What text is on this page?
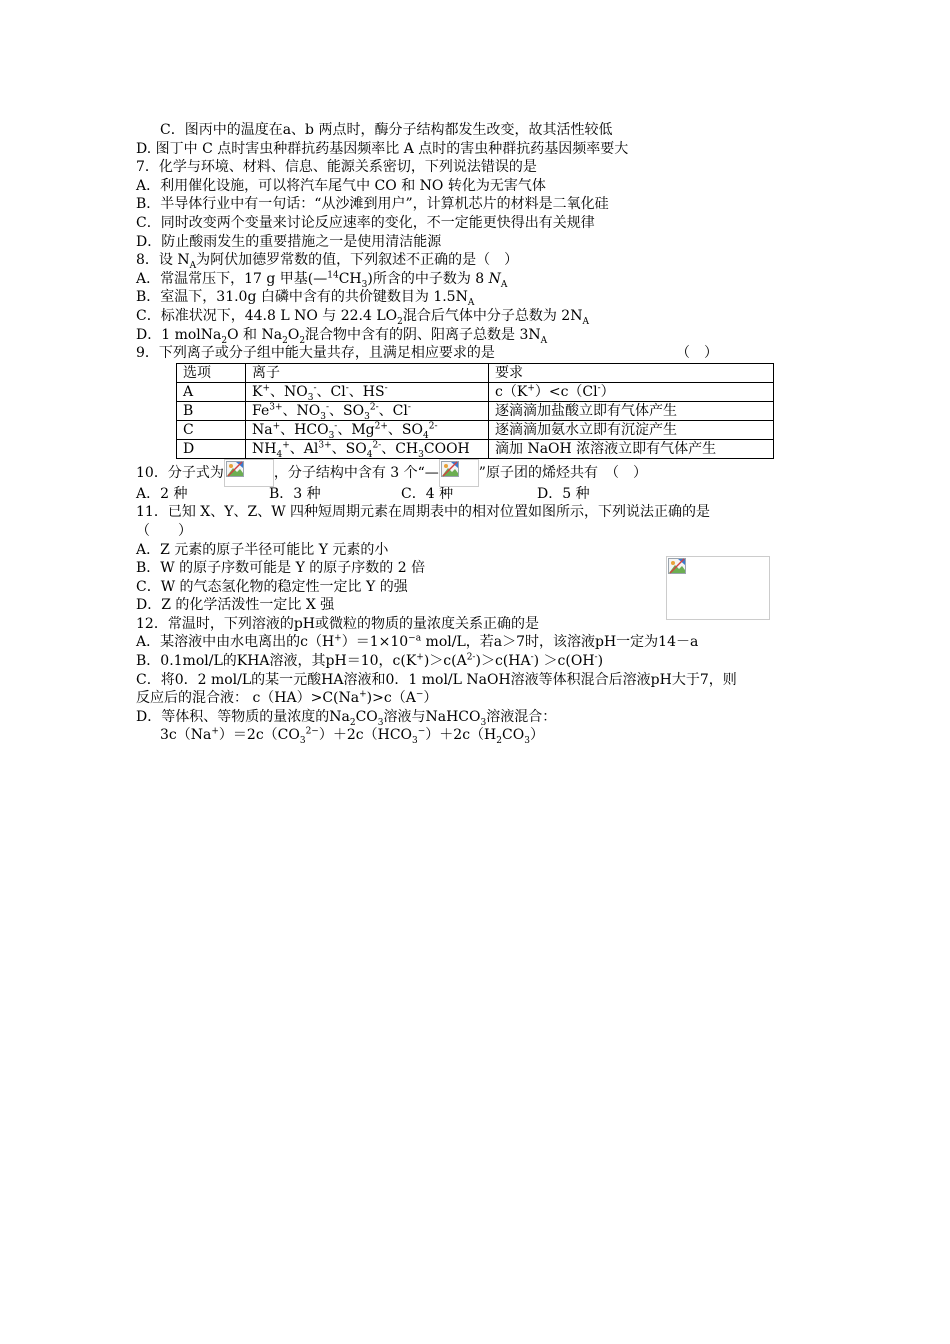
C．图丙中的温度在a、b 两点时，酶分子结构都发生改变，故其活性较低
D. 图丁中 C 点时害虫种群抗药基因频率比 A 点时的害虫种群抗药基因频率要大
7．化学与环境、材料、信息、能源关系密切，下列说法错误的是
A．利用催化设施，可以将汽车尾气中 CO 和 NO 转化为无害气体
B．半导体行业中有一句话：“从沙滩到用户”，计算机芯片的材料是二氧化硅
C．同时改变两个变量来讨论反应速率的变化，不一定能更快得出有关规律
D．防止酸雨发生的重要措施之一是使用清洁能源
8．设 $N_A$为阿伏加德罗常数的值，下列叙述不正确的是（　）
A．常温常压下，17 g 甲基$(—^{14}CH_3)$所含的中子数为 8 $N_A$
B．室温下，31.0g 白磷中含有的共价键数目为 $1.5N_A$
C．标准状况下，44.8 L NO 与 22.4 $LO_2$混合后气体中分子总数为 $2N_A$
D．1 molNa$_2$O 和 $Na_2O_2$混合物中含有的阴、阳离子总数是 $3N_A$
9．下列离子或分子组中能大量共存，且满足相应要求的是	（　）
选项	离子	要求
A	K+、$NO_3^-$、Cl-、HS-	c（K+）<c（Cl-）
B	$Fe^{3+}$、$NO_3^-$、$SO_3^{2-}$、Cl-	逐滴滴加盐酸立即有气体产生
C	Na+、$HCO_3^-$、$Mg^{2+}$、$SO_4^{2-}$	逐滴滴加氨水立即有沉淀产生
D	$NH_4^+$、$Al^{3+}$、$SO_4^{2-}$、$CH_3COOH$	滴加 NaOH 浓溶液立即有气体产生
10．分子式为	，分子结构中含有 3 个“—	”原子团的烯烃共有　（　）
A．2 种	B．3 种	C．4 种	D．5 种
11．已知 X、Y、Z、W 四种短周期元素在周期表中的相对位置如图所示，下列说法正确的是
（　　）
A．Z 元素的原子半径可能比 Y 元素的小
B．W 的原子序数可能是 Y 的原子序数的 2 倍
C．W 的气态氢化物的稳定性一定比 Y 的强
D．Z 的化学活泼性一定比 X 强
12．常温时，下列溶液的pH或微粒的物质的量浓度关系正确的是
A．某溶液中由水电离出的$c(H^+)=1\times 10^{-a}$ mol/L，若a＞7时，该溶液pH一定为14－a
B．0.1mol/L的KHA溶液，其pH＝10，$c(K^+)>c(A^{2-})>c(HA^-) >c(OH^-)$
C．将0．2 mol/L的某一元酸HA溶液和0．1 mol/L NaOH溶液等体积混合后溶液pH大于7，则
反应后的混合液： c（HA）>C(Na+)>c（A−）
D．等体积、等物质的量浓度的$Na_2CO_3$溶液与NaHCO$_3$溶液混合：
$3c(Na^+)=2c(CO_3^{2-})+2c(HCO_3^-)+2c(H_2CO_3)$
